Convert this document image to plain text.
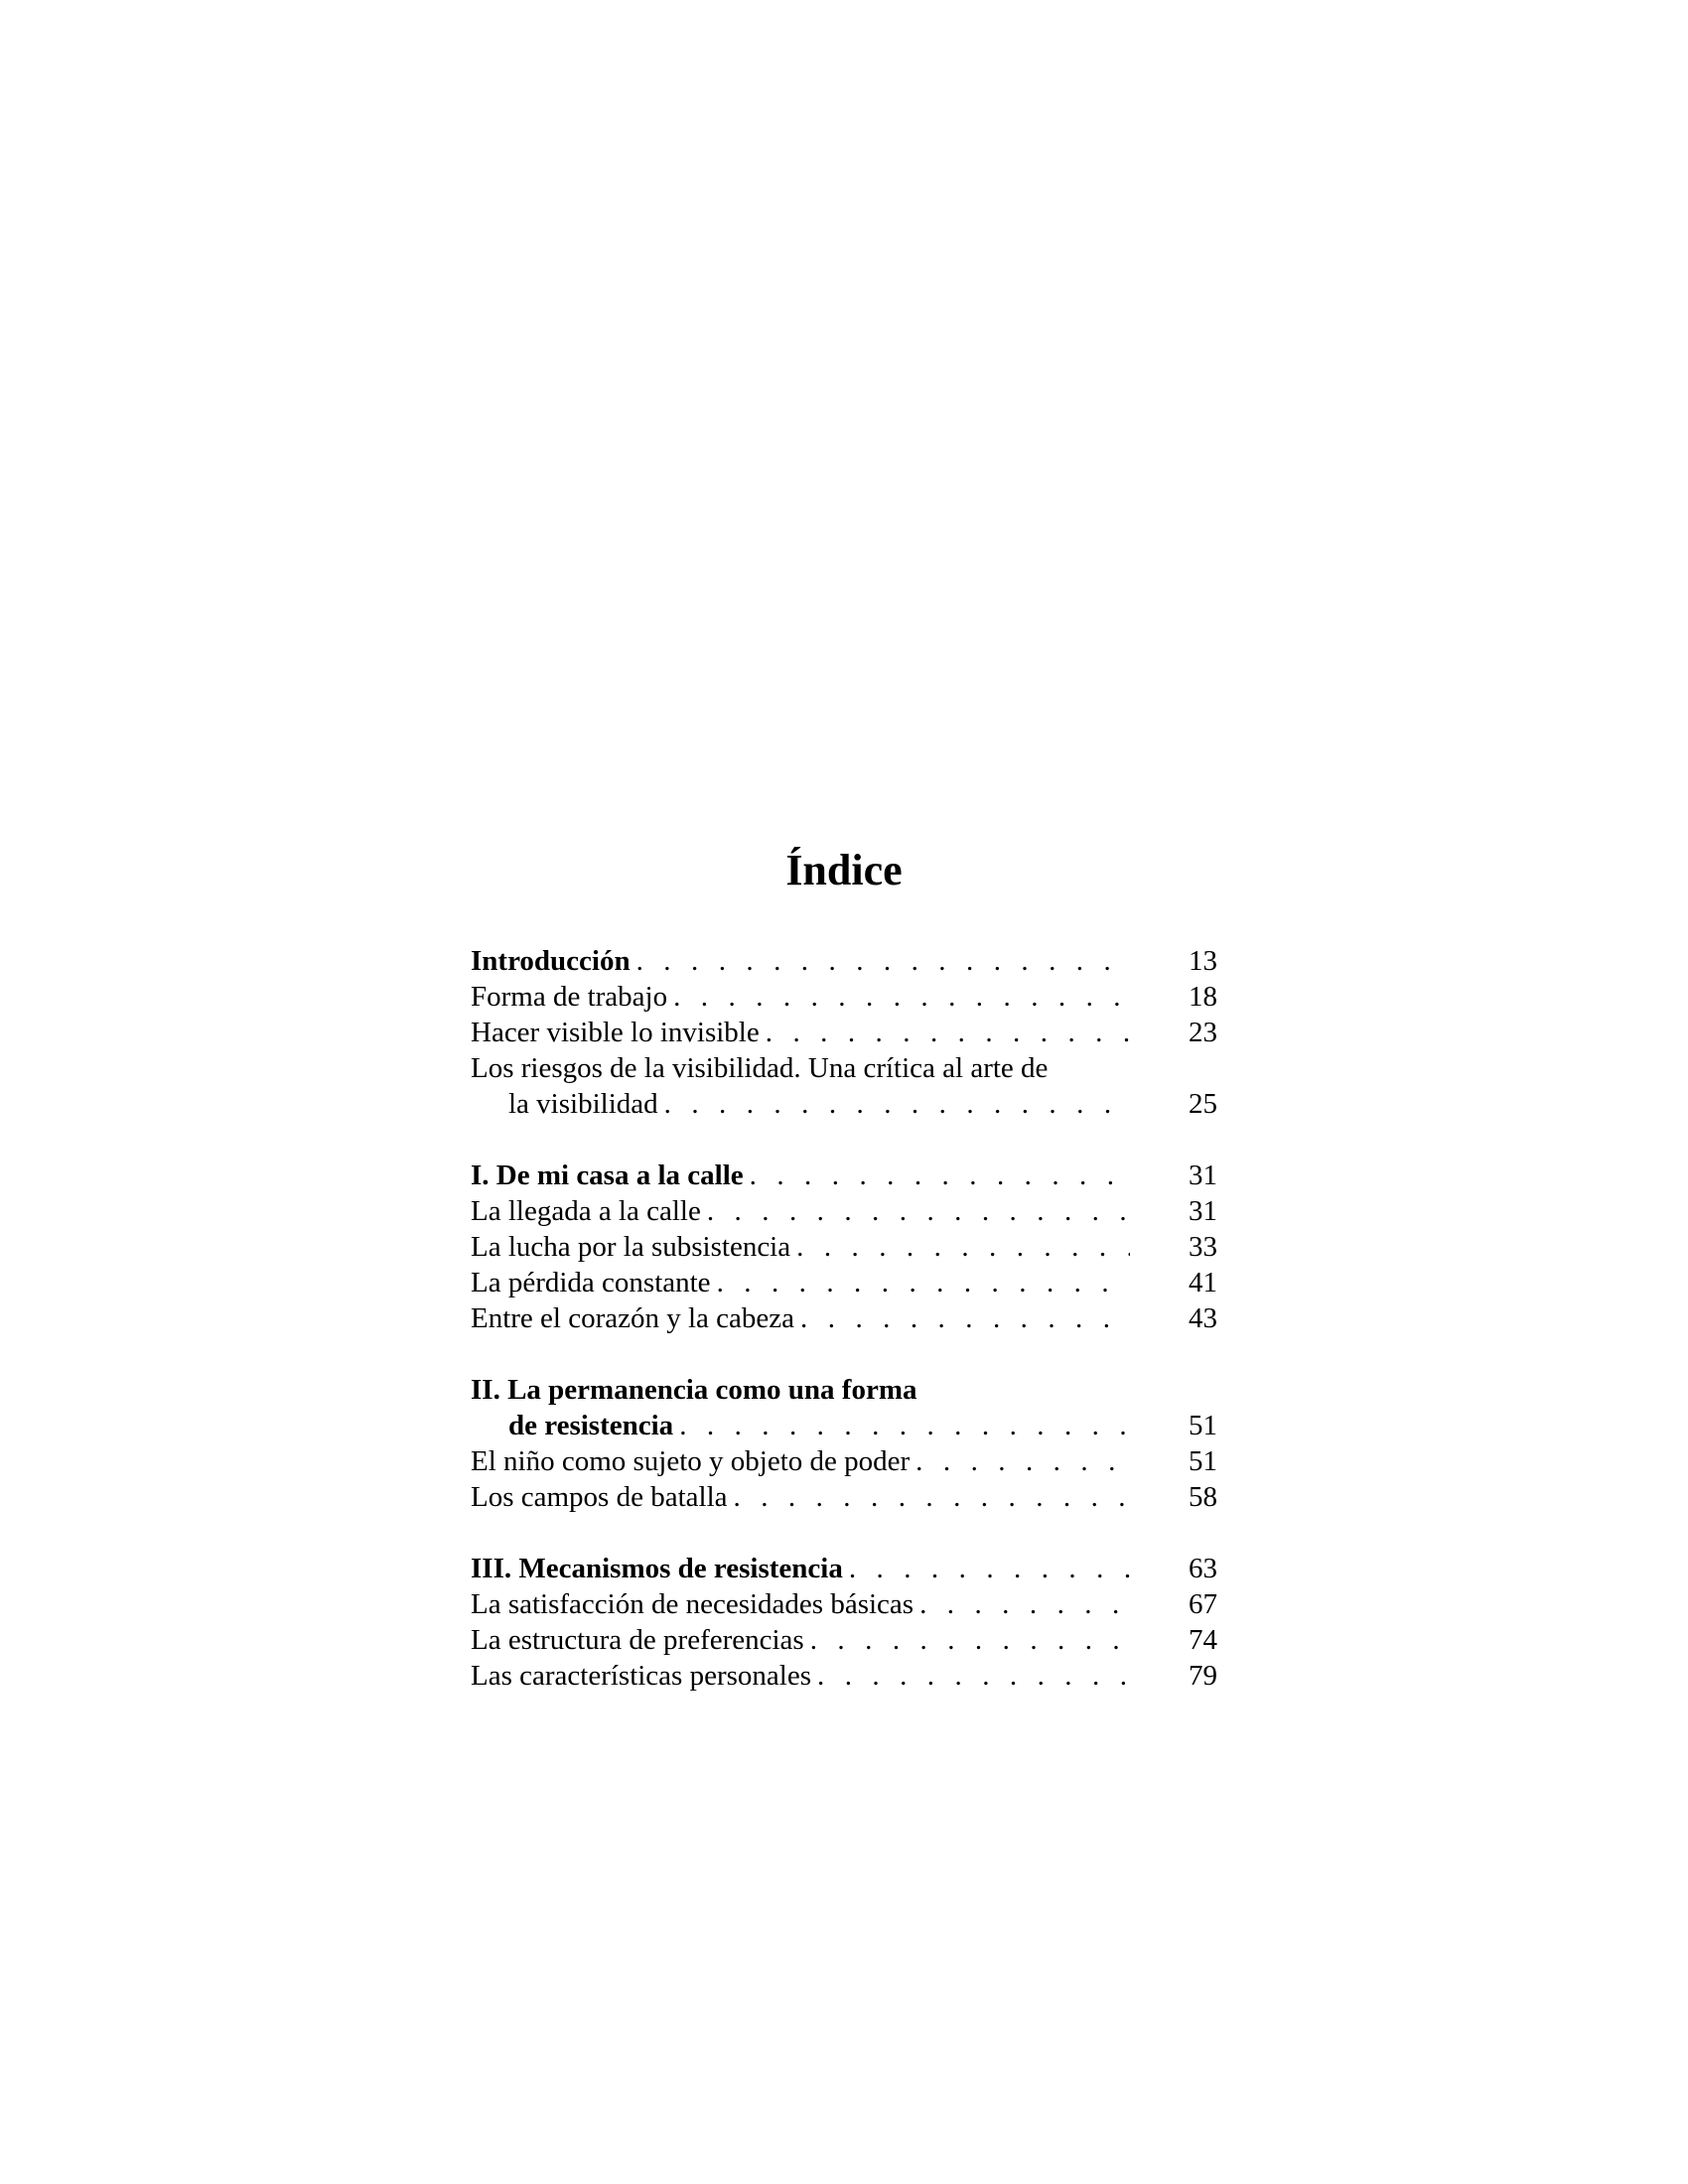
Índice
Introducción . . .	13
Forma de trabajo . . .	18
Hacer visible lo invisible . . .	23
Los riesgos de la visibilidad. Una crítica al arte de
la visibilidad . . .	25
I. De mi casa a la calle . . .	31
La llegada a la calle . . .	31
La lucha por la subsistencia . . .	33
La pérdida constante . . .	41
Entre el corazón y la cabeza . . .	43
II. La permanencia como una forma
de resistencia . . .	51
El niño como sujeto y objeto de poder . . .	51
Los campos de batalla . . .	58
III. Mecanismos de resistencia . . .	63
La satisfacción de necesidades básicas . . .	67
La estructura de preferencias . . .	74
Las características personales . . .	79
